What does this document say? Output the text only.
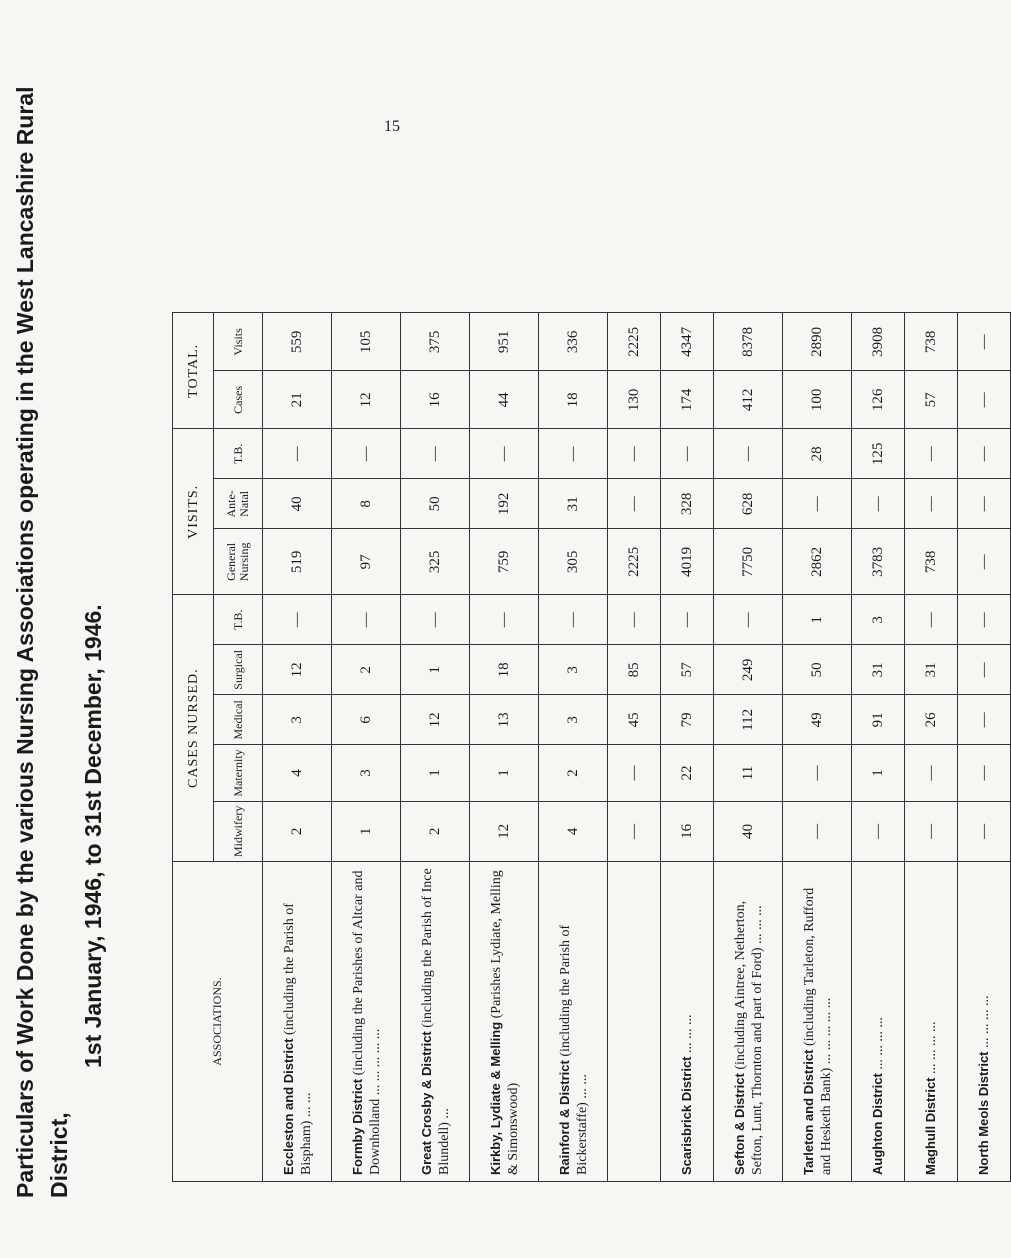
15
Particulars of Work Done by the various Nursing Associations operating in the West Lancashire Rural District,
1st January, 1946, to 31st December, 1946.	ASSOCIATIONS.	CASES NURSED.					VISITS.			TOTAL.	
	Midwifery	Maternity	Medical	Surgical	T.B.	General Nursing	Ante-Natal	T.B.	Cases	Visits
Eccleston and District (including the Parish of Bispham) ... ...	2	4	3	12	—	519	40	—	21	559
Formby District (including the Parishes of Altcar and Downholland ... ... ... ... ...	1	3	6	2	—	97	8	—	12	105
Great Crosby & District (including the Parish of Ince Blundell) ...	2	1	12	1	—	325	50	—	16	375
Kirkby, Lydiate & Melling (Parishes Lydiate, Melling & Simonswood)	12	1	13	18	—	759	192	—	44	951
Rainford & District (including the Parish of Bickerstaffe) ... ...	4	2	3	3	—	305	31	—	18	336
	—	—	45	85	—	2225	—	—	130	2225
Scarisbrick District ... ... ...	16	22	79	57	—	4019	328	—	174	4347
Sefton & District (including Aintree, Netherton, Sefton, Lunt, Thornton and part of Ford) ... ... ...	40	11	112	249	—	7750	628	—	412	8378
Tarleton and District (including Tarleton, Rufford and Hesketh Bank) ... ... ... ... ...	—	—	49	50	1	2862	—	28	100	2890
Aughton District ... ... ... ...	—	1	91	31	3	3783	—	125	126	3908
Maghull District ... ... ... ...	—	—	26	31	—	738	—	—	57	738
North Meols District ... ... ... ...	—	—	—	—	—	—	—	—	—	—
